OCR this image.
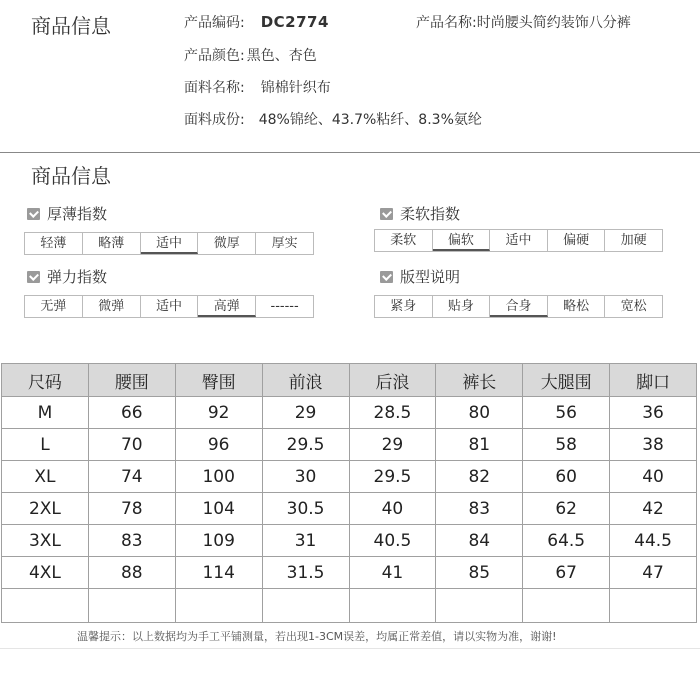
商品信息	产品编码: DC2774	产品名称:时尚腰头简约装饰八分裤
产品颜色: 黑色、杏色
面料名称: 锦棉针织布
面料成份: 48%锦纶、43.7%粘纤、8.3%氨纶
商品信息
厚薄指数
轻薄	略薄	适中	微厚	厚实
柔软指数
柔软	偏软	适中	偏硬	加硬
弹力指数
无弹	微弹	适中	高弹	------
版型说明
紧身	贴身	合身	略松	宽松
尺码	腰围	臀围	前浪	后浪	裤长	大腿围	脚口
M	66	92	29	28.5	80	56	36
L	70	96	29.5	29	81	58	38
XL	74	100	30	29.5	82	60	40
2XL	78	104	30.5	40	83	62	42
3XL	83	109	31	40.5	84	64.5	44.5
4XL	88	114	31.5	41	85	67	47

温馨提示：以上数据均为手工平铺测量，若出现1-3CM误差，均属正常差值，请以实物为准，谢谢!
